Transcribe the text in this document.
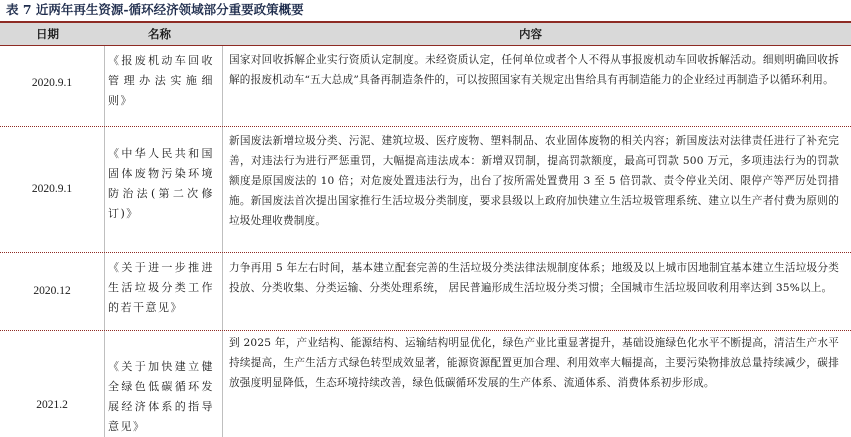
表 7 近两年再生资源-循环经济领域部分重要政策概要
日期	名称	内容
2020.9.1
《报废机动车回收管理办法实施细则》
国家对回收拆解企业实行资质认定制度。未经资质认定，任何单位或者个人不得从事报废机动车回收拆解活动。细则明确回收拆解的报废机动车“五大总成”具备再制造条件的，可以按照国家有关规定出售给具有再制造能力的企业经过再制造予以循环利用。
2020.9.1
《中华人民共和国固体废物污染环境防治法(第二次修订)》
新国废法新增垃圾分类、污泥、建筑垃圾、医疗废物、塑料制品、农业固体废物的相关内容；新国废法对法律责任进行了补充完善，对违法行为进行严惩重罚，大幅提高违法成本：新增双罚制，提高罚款额度，最高可罚款 500 万元，多项违法行为的罚款额度是原国废法的 10 倍；对危废处置违法行为，出台了按所需处置费用 3 至 5 倍罚款、责令停业关闭、限停产等严厉处罚措施。新国废法首次提出国家推行生活垃圾分类制度，要求县级以上政府加快建立生活垃圾管理系统、建立以生产者付费为原则的垃圾处理收费制度。
2020.12
《关于进一步推进生活垃圾分类工作的若干意见》
力争再用 5 年左右时间，基本建立配套完善的生活垃圾分类法律法规制度体系；地级及以上城市因地制宜基本建立生活垃圾分类投放、分类收集、分类运输、分类处理系统， 居民普遍形成生活垃圾分类习惯；全国城市生活垃圾回收利用率达到 35%以上。
2021.2
《关于加快建立健全绿色低碳循环发展经济体系的指导意见》
到 2025 年，产业结构、能源结构、运输结构明显优化，绿色产业比重显著提升，基础设施绿色化水平不断提高，清洁生产水平持续提高，生产生活方式绿色转型成效显著，能源资源配置更加合理、利用效率大幅提高，主要污染物排放总量持续减少，碳排放强度明显降低，生态环境持续改善，绿色低碳循环发展的生产体系、流通体系、消费体系初步形成。
